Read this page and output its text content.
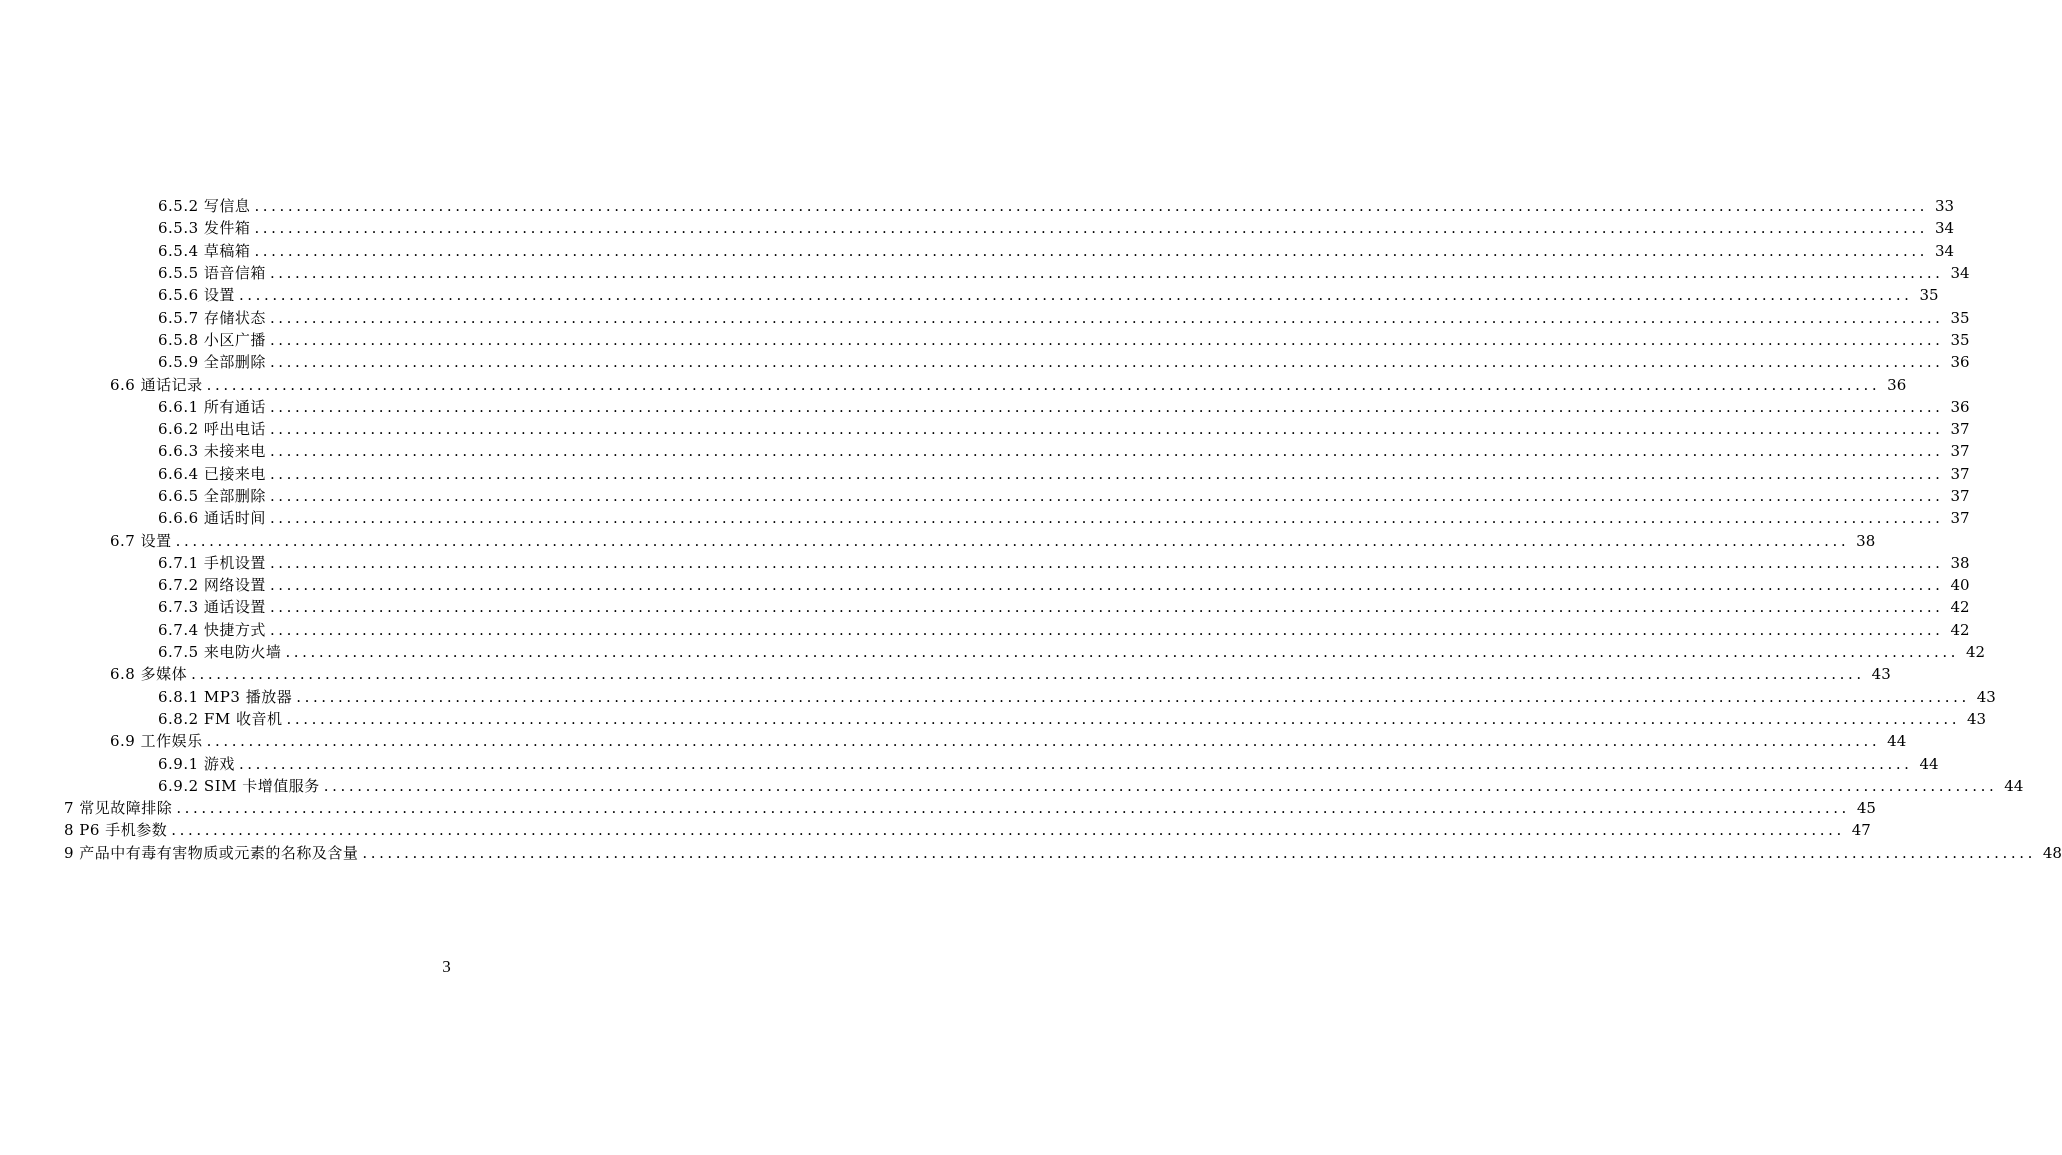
6.5.2 写信息 ........................................................................................................................................................................................................ 33
6.5.3 发件箱 ........................................................................................................................................................................................................ 34
6.5.4 草稿箱 ........................................................................................................................................................................................................ 34
6.5.5 语音信箱 ........................................................................................................................................................................................................ 34
6.5.6 设置 ........................................................................................................................................................................................................ 35
6.5.7 存储状态 ........................................................................................................................................................................................................ 35
6.5.8 小区广播 ........................................................................................................................................................................................................ 35
6.5.9 全部删除 ........................................................................................................................................................................................................ 36
6.6 通话记录 ........................................................................................................................................................................................................ 36
6.6.1 所有通话 ........................................................................................................................................................................................................ 36
6.6.2 呼出电话 ........................................................................................................................................................................................................ 37
6.6.3 未接来电 ........................................................................................................................................................................................................ 37
6.6.4 已接来电 ........................................................................................................................................................................................................ 37
6.6.5 全部删除 ........................................................................................................................................................................................................ 37
6.6.6 通话时间 ........................................................................................................................................................................................................ 37
6.7 设置 ........................................................................................................................................................................................................ 38
6.7.1 手机设置 ........................................................................................................................................................................................................ 38
6.7.2 网络设置 ........................................................................................................................................................................................................ 40
6.7.3 通话设置 ........................................................................................................................................................................................................ 42
6.7.4 快捷方式 ........................................................................................................................................................................................................ 42
6.7.5 来电防火墙 ........................................................................................................................................................................................................ 42
6.8 多媒体 ........................................................................................................................................................................................................ 43
6.8.1 MP3 播放器 ........................................................................................................................................................................................................ 43
6.8.2 FM 收音机 ........................................................................................................................................................................................................ 43
6.9 工作娱乐 ........................................................................................................................................................................................................ 44
6.9.1 游戏 ........................................................................................................................................................................................................ 44
6.9.2 SIM 卡增值服务 ........................................................................................................................................................................................................ 44
7 常见故障排除 ........................................................................................................................................................................................................ 45
8 P6 手机参数 ........................................................................................................................................................................................................ 47
9 产品中有毒有害物质或元素的名称及含量 ........................................................................................................................................................................................................ 48
3
